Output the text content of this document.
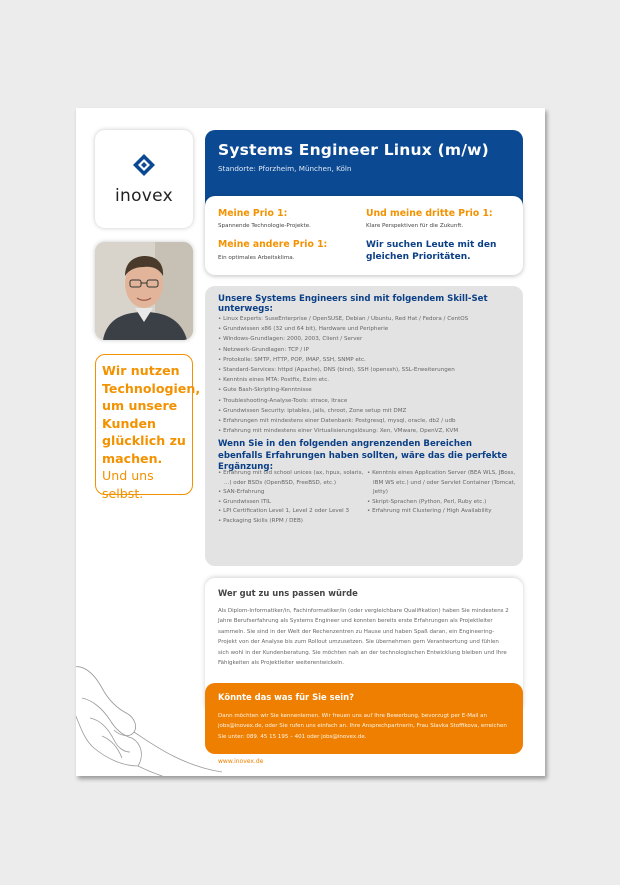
inovex
Wir nutzen
Technologien,
um unsere
Kunden
glücklich zu
machen.
Und uns selbst.
Systems Engineer Linux (m/w)
Standorte: Pforzheim, München, Köln
Meine Prio 1:
Spannende Technologie-Projekte.
Meine andere Prio 1:
Ein optimales Arbeitsklima.
Und meine dritte Prio 1:
Klare Perspektiven für die Zukunft.
Wir suchen Leute mit den gleichen Prioritäten.
Unsere Systems Engineers sind mit folgendem Skill-Set unterwegs:
• Linux Experts: SuseEnterprise / OpenSUSE, Debian / Ubuntu, Red Hat / Fedora / CentOS
• Grundwissen x86 (32 und 64 bit), Hardware und Peripherie
• Windows-Grundlagen: 2000, 2003, Client / Server
• Netzwerk-Grundlagen: TCP / IP
• Protokolle: SMTP, HTTP, POP, IMAP, SSH, SNMP etc.
• Standard-Services: httpd (Apache), DNS (bind), SSH (openssh), SSL-Erweiterungen
• Kenntnis eines MTA: Postfix, Exim etc.
• Gute Bash-Skripting-Kenntnisse
• Troubleshooting-Analyse-Tools: strace, ltrace
• Grundwissen Security: iptables, jails, chroot, Zone setup mit DMZ
• Erfahrungen mit mindestens einer Datenbank: Postgresql, mysql, oracle, db2 / udb
• Erfahrung mit mindestens einer Virtualisierungslösung: Xen, VMware, OpenVZ, KVM
Wenn Sie in den folgenden angrenzenden Bereichen ebenfalls Erfahrungen haben sollten, wäre das die perfekte Ergänzung:
• Erfahrung mit old school unices (ax, hpux, solaris, ...) oder BSDs (OpenBSD, FreeBSD, etc.)
• SAN-Erfahrung
• Grundwissen ITIL
• LPI Certification Level 1, Level 2 oder Level 3
• Packaging Skills (RPM / DEB)
• Kenntnis eines Application Server (BEA WLS, JBoss, IBM WS etc.) und / oder Servlet Container (Tomcat, Jetty)
• Skript-Sprachen (Python, Perl, Ruby etc.)
• Erfahrung mit Clustering / High Availability
Wer gut zu uns passen würde

Als Diplom-Informatiker/in, Fachinformatiker/in (oder vergleichbare Qualifikation) haben Sie mindestens 2 Jahre Berufserfahrung als Systems Engineer und konnten bereits erste Erfahrungen als Projektleiter sammeln. Sie sind in der Welt der Rechenzentren zu Hause und haben Spaß daran, ein Engineering-Projekt von der Analyse bis zum Rollout umzusetzen. Sie übernehmen gern Verantwortung und fühlen sich wohl in der Kundenberatung. Sie möchten nah an der technologischen Entwicklung bleiben und Ihre Fähigkeiten als Projektleiter weiterentwickeln.

Könnte das was für Sie sein?

Dann möchten wir Sie kennenlernen. Wir freuen uns auf Ihre Bewerbung, bevorzugt per E-Mail an jobs@inovex.de, oder Sie rufen uns einfach an. Ihre Ansprechpartnerin, Frau Slavka Stoffikova, erreichen Sie unter: 089. 45 15 195 – 401 oder jobs@inovex.de.

www.inovex.de
